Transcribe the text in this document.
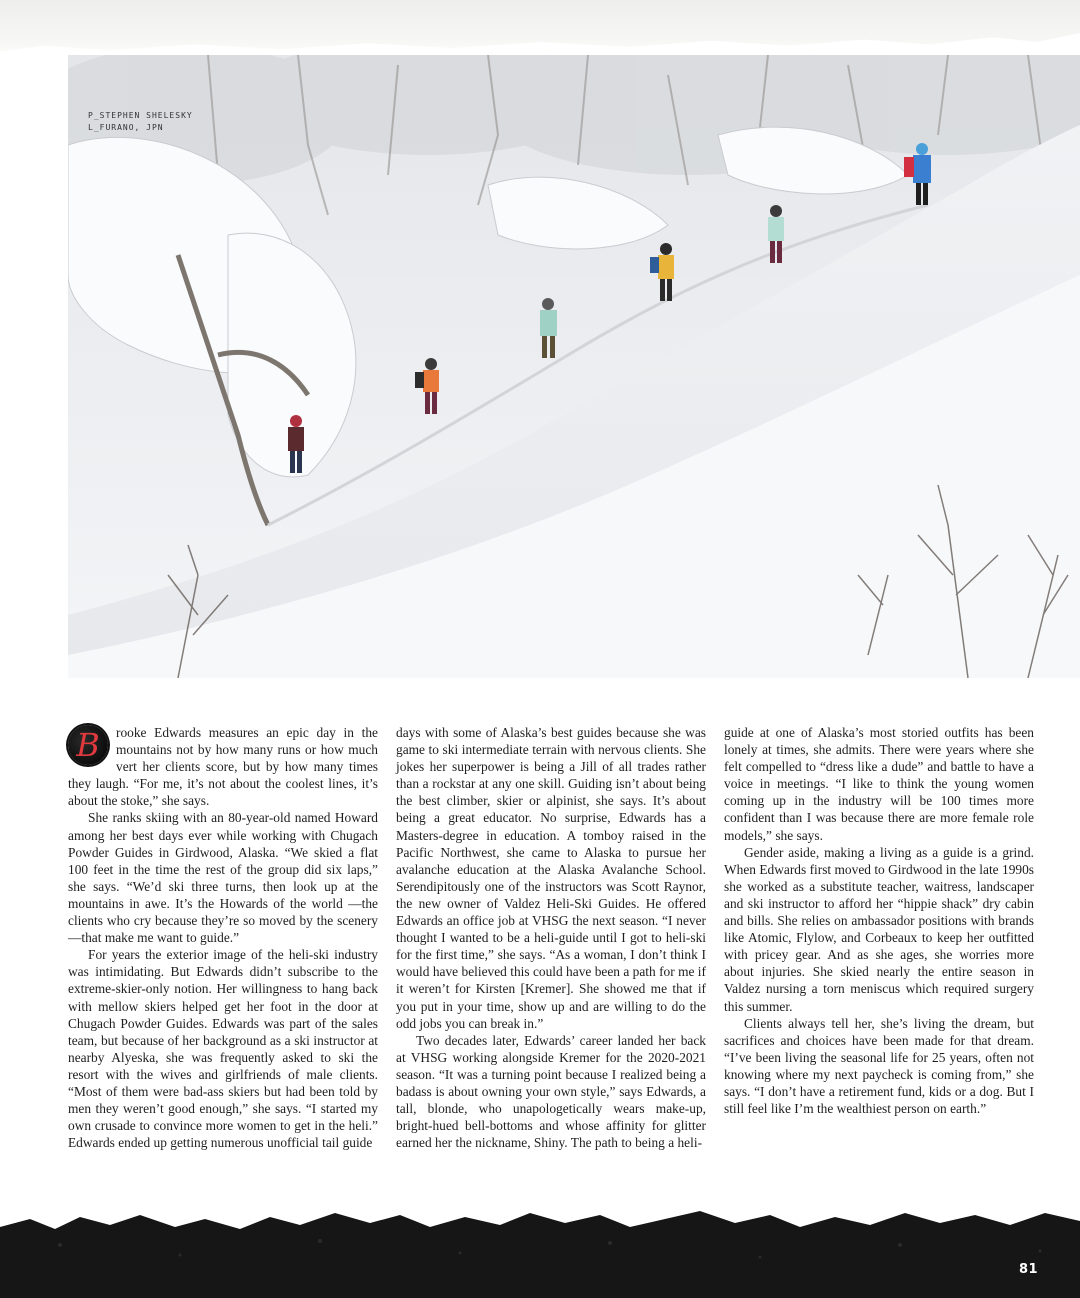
P_STEPHEN SHELESKY
L_FURANO, JPN

B	rooke Edwards measures an epic day in the mountains not by how many runs or how much vert her clients score, but by how many times they laugh. “For me, it’s not about the coolest lines, it’s about the stoke,” she says.

She ranks skiing with an 80-year-old named Howard among her best days ever while working with Chugach Powder Guides in Girdwood, Alaska. “We skied a flat 100 feet in the time the rest of the group did six laps,” she says. “We’d ski three turns, then look up at the mountains in awe. It’s the Howards of the world —the clients who cry because they’re so moved by the scenery—that make me want to guide.”

For years the exterior image of the heli-ski industry was intimidating. But Edwards didn’t subscribe to the extreme-skier-only notion. Her willingness to hang back with mellow skiers helped get her foot in the door at Chugach Powder Guides. Edwards was part of the sales team, but because of her background as a ski instructor at nearby Alyeska, she was frequently asked to ski the resort with the wives and girlfriends of male clients. “Most of them were bad-ass skiers but had been told by men they weren’t good enough,” she says. “I started my own crusade to convince more women to get in the heli.” Edwards ended up getting numerous unofficial tail guide

days with some of Alaska’s best guides because she was game to ski intermediate terrain with nervous clients. She jokes her superpower is being a Jill of all trades rather than a rockstar at any one skill. Guiding isn’t about being the best climber, skier or alpinist, she says. It’s about being a great educator. No surprise, Edwards has a Masters-degree in education. A tomboy raised in the Pacific Northwest, she came to Alaska to pursue her avalanche education at the Alaska Avalanche School. Serendipitously one of the instructors was Scott Raynor, the new owner of Valdez Heli-Ski Guides. He offered Edwards an office job at VHSG the next season. “I never thought I wanted to be a heli-guide until I got to heli-ski for the first time,” she says. “As a woman, I don’t think I would have believed this could have been a path for me if it weren’t for Kirsten [Kremer]. She showed me that if you put in your time, show up and are willing to do the odd jobs you can break in.”

Two decades later, Edwards’ career landed her back at VHSG working alongside Kremer for the 2020-2021 season. “It was a turning point because I realized being a badass is about owning your own style,” says Edwards, a tall, blonde, who unapologetically wears make-up, bright-hued bell-bottoms and whose affinity for glitter earned her the nickname, Shiny. The path to being a heli-

guide at one of Alaska’s most storied outfits has been lonely at times, she admits. There were years where she felt compelled to “dress like a dude” and battle to have a voice in meetings. “I like to think the young women coming up in the industry will be 100 times more confident than I was because there are more female role models,” she says.

Gender aside, making a living as a guide is a grind. When Edwards first moved to Girdwood in the late 1990s she worked as a substitute teacher, waitress, landscaper and ski instructor to afford her “hippie shack” dry cabin and bills. She relies on ambassador positions with brands like Atomic, Flylow, and Corbeaux to keep her outfitted with pricey gear. And as she ages, she worries more about injuries. She skied nearly the entire season in Valdez nursing a torn meniscus which required surgery this summer.

Clients always tell her, she’s living the dream, but sacrifices and choices have been made for that dream. “I’ve been living the seasonal life for 25 years, often not knowing where my next paycheck is coming from,” she says. “I don’t have a retirement fund, kids or a dog. But I still feel like I’m the wealthiest person on earth.”

81
